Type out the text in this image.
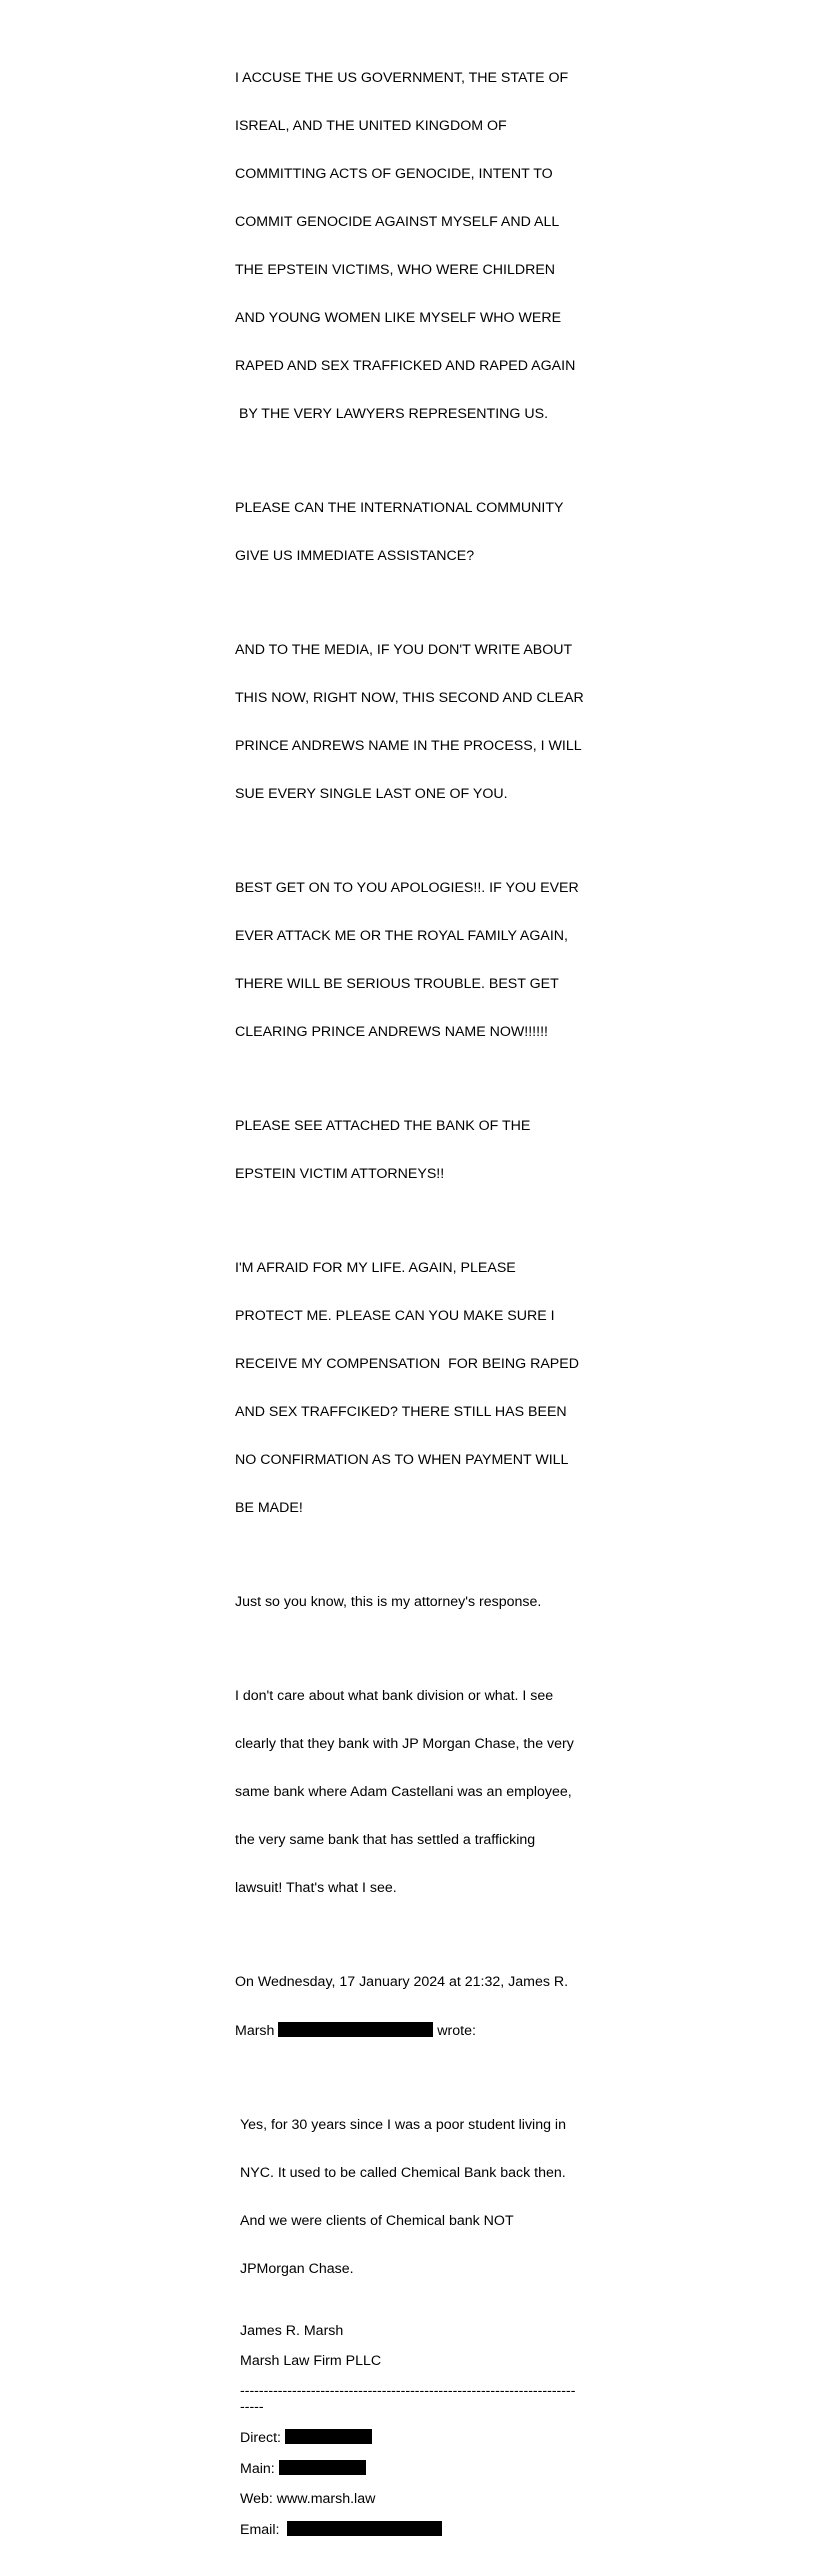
I ACCUSE THE US GOVERNMENT, THE STATE OF

ISREAL, AND THE UNITED KINGDOM OF

COMMITTING ACTS OF GENOCIDE, INTENT TO

COMMIT GENOCIDE AGAINST MYSELF AND ALL

THE EPSTEIN VICTIMS, WHO WERE CHILDREN

AND YOUNG WOMEN LIKE MYSELF WHO WERE

RAPED AND SEX TRAFFICKED AND RAPED AGAIN

BY THE VERY LAWYERS REPRESENTING US.

PLEASE CAN THE INTERNATIONAL COMMUNITY

GIVE US IMMEDIATE ASSISTANCE?

AND TO THE MEDIA, IF YOU DON'T WRITE ABOUT

THIS NOW, RIGHT NOW, THIS SECOND AND CLEAR

PRINCE ANDREWS NAME IN THE PROCESS, I WILL

SUE EVERY SINGLE LAST ONE OF YOU.

BEST GET ON TO YOU APOLOGIES!!. IF YOU EVER

EVER ATTACK ME OR THE ROYAL FAMILY AGAIN,

THERE WILL BE SERIOUS TROUBLE. BEST GET

CLEARING PRINCE ANDREWS NAME NOW!!!!!!

PLEASE SEE ATTACHED THE BANK OF THE

EPSTEIN VICTIM ATTORNEYS!!

I'M AFRAID FOR MY LIFE. AGAIN, PLEASE

PROTECT ME. PLEASE CAN YOU MAKE SURE I

RECEIVE MY COMPENSATION  FOR BEING RAPED

AND SEX TRAFFCIKED? THERE STILL HAS BEEN

NO CONFIRMATION AS TO WHEN PAYMENT WILL

BE MADE!

Just so you know, this is my attorney's response.

I don't care about what bank division or what. I see

clearly that they bank with JP Morgan Chase, the very

same bank where Adam Castellani was an employee,

the very same bank that has settled a trafficking

lawsuit! That's what I see.

On Wednesday, 17 January 2024 at 21:32, James R.

Marsh	wrote:

Yes, for 30 years since I was a poor student living in

NYC. It used to be called Chemical Bank back then.

And we were clients of Chemical bank NOT

JPMorgan Chase.

James R. Marsh
Marsh Law Firm PLLC
----------------------------------------------------------------------------
Direct:
Main:
Web: www.marsh.law
Email:
